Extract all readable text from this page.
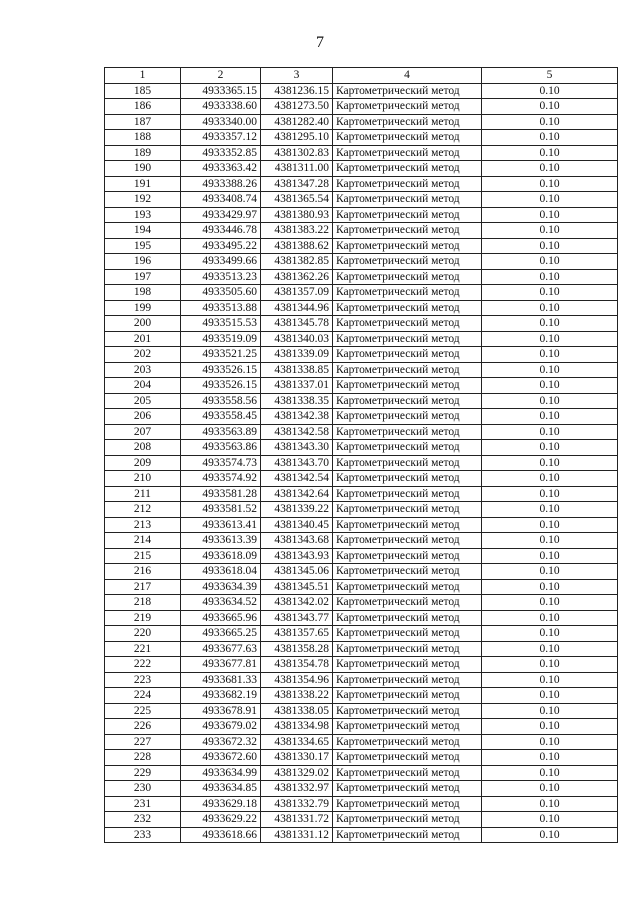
7
1	2	3	4	5
185	4933365.15	4381236.15	Картометрический метод	0.10
186	4933338.60	4381273.50	Картометрический метод	0.10
187	4933340.00	4381282.40	Картометрический метод	0.10
188	4933357.12	4381295.10	Картометрический метод	0.10
189	4933352.85	4381302.83	Картометрический метод	0.10
190	4933363.42	4381311.00	Картометрический метод	0.10
191	4933388.26	4381347.28	Картометрический метод	0.10
192	4933408.74	4381365.54	Картометрический метод	0.10
193	4933429.97	4381380.93	Картометрический метод	0.10
194	4933446.78	4381383.22	Картометрический метод	0.10
195	4933495.22	4381388.62	Картометрический метод	0.10
196	4933499.66	4381382.85	Картометрический метод	0.10
197	4933513.23	4381362.26	Картометрический метод	0.10
198	4933505.60	4381357.09	Картометрический метод	0.10
199	4933513.88	4381344.96	Картометрический метод	0.10
200	4933515.53	4381345.78	Картометрический метод	0.10
201	4933519.09	4381340.03	Картометрический метод	0.10
202	4933521.25	4381339.09	Картометрический метод	0.10
203	4933526.15	4381338.85	Картометрический метод	0.10
204	4933526.15	4381337.01	Картометрический метод	0.10
205	4933558.56	4381338.35	Картометрический метод	0.10
206	4933558.45	4381342.38	Картометрический метод	0.10
207	4933563.89	4381342.58	Картометрический метод	0.10
208	4933563.86	4381343.30	Картометрический метод	0.10
209	4933574.73	4381343.70	Картометрический метод	0.10
210	4933574.92	4381342.54	Картометрический метод	0.10
211	4933581.28	4381342.64	Картометрический метод	0.10
212	4933581.52	4381339.22	Картометрический метод	0.10
213	4933613.41	4381340.45	Картометрический метод	0.10
214	4933613.39	4381343.68	Картометрический метод	0.10
215	4933618.09	4381343.93	Картометрический метод	0.10
216	4933618.04	4381345.06	Картометрический метод	0.10
217	4933634.39	4381345.51	Картометрический метод	0.10
218	4933634.52	4381342.02	Картометрический метод	0.10
219	4933665.96	4381343.77	Картометрический метод	0.10
220	4933665.25	4381357.65	Картометрический метод	0.10
221	4933677.63	4381358.28	Картометрический метод	0.10
222	4933677.81	4381354.78	Картометрический метод	0.10
223	4933681.33	4381354.96	Картометрический метод	0.10
224	4933682.19	4381338.22	Картометрический метод	0.10
225	4933678.91	4381338.05	Картометрический метод	0.10
226	4933679.02	4381334.98	Картометрический метод	0.10
227	4933672.32	4381334.65	Картометрический метод	0.10
228	4933672.60	4381330.17	Картометрический метод	0.10
229	4933634.99	4381329.02	Картометрический метод	0.10
230	4933634.85	4381332.97	Картометрический метод	0.10
231	4933629.18	4381332.79	Картометрический метод	0.10
232	4933629.22	4381331.72	Картометрический метод	0.10
233	4933618.66	4381331.12	Картометрический метод	0.10
